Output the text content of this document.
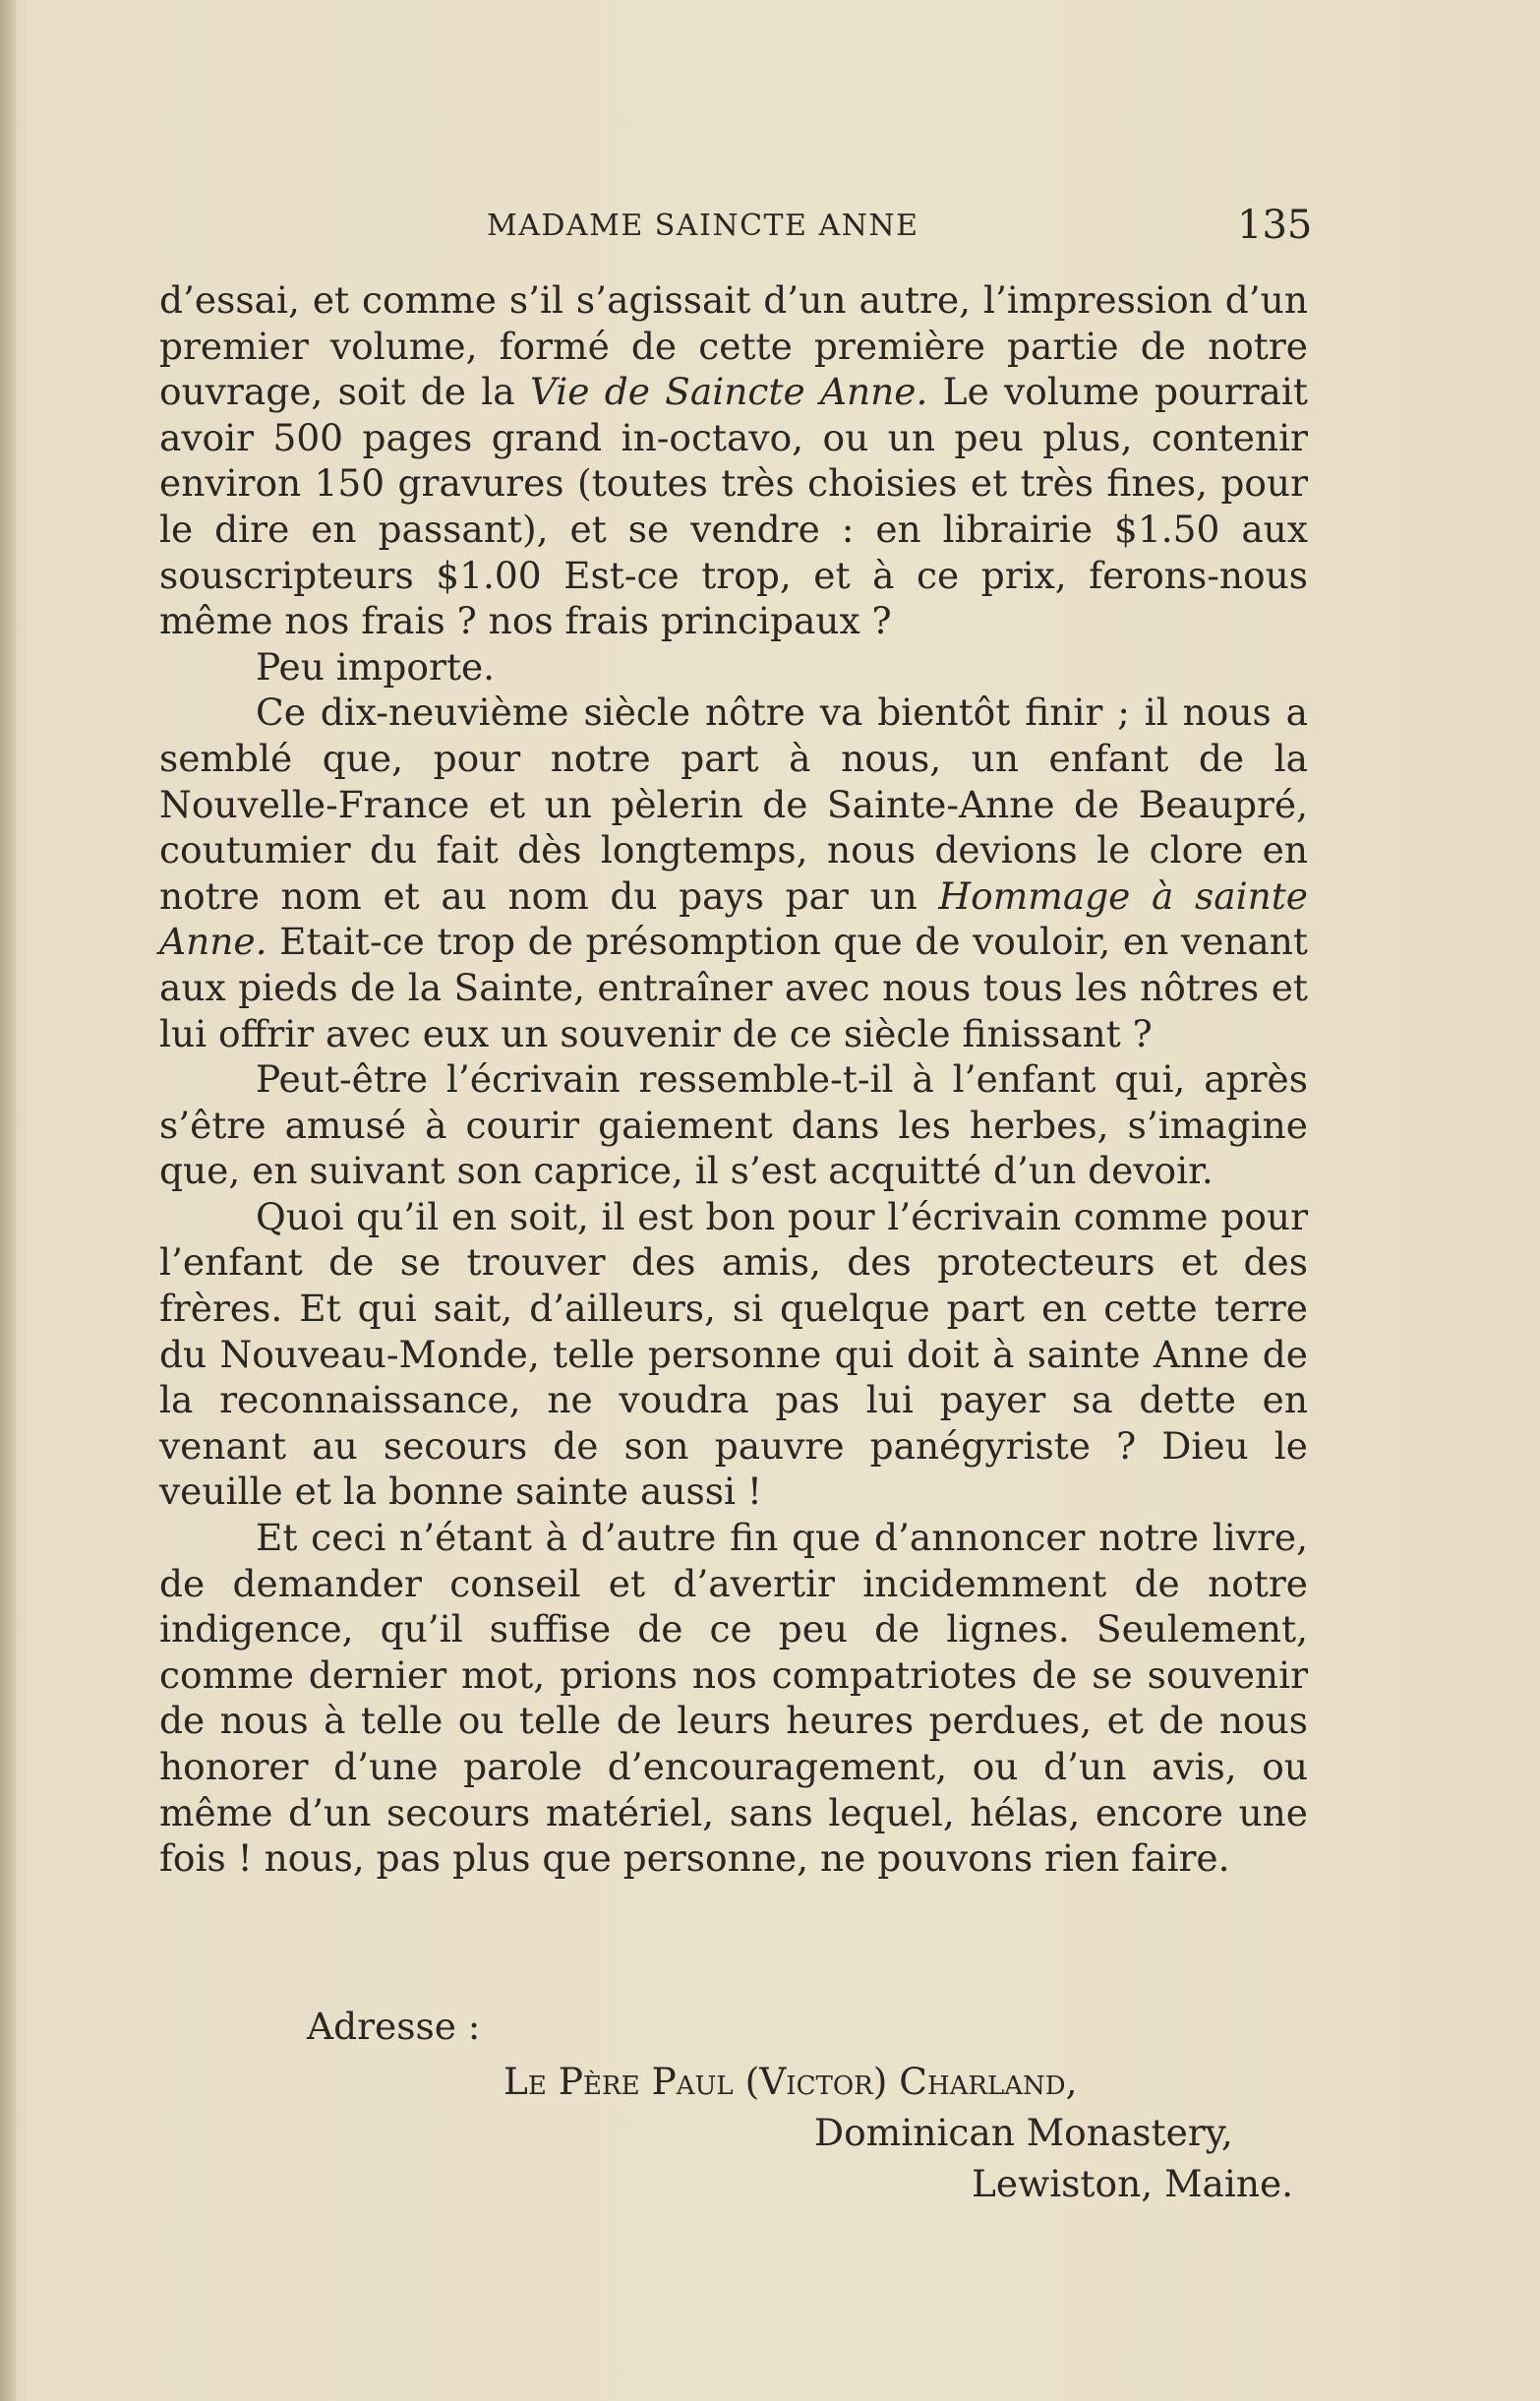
MADAME SAINCTE ANNE	135

d’essai, et comme s’il s’agissait d’un autre, l’impression d’un premier volume, formé de cette première partie de notre ouvrage, soit de la Vie de Saincte Anne. Le volume pourrait avoir 500 pages grand in-octavo, ou un peu plus, contenir environ 150 gravures (toutes très choisies et très fines, pour le dire en passant), et se vendre : en librairie $1.50 aux souscripteurs $1.00 Est-ce trop, et à ce prix, ferons-nous même nos frais ? nos frais principaux ?

Peu importe.

Ce dix-neuvième siècle nôtre va bientôt finir ; il nous a semblé que, pour notre part à nous, un enfant de la Nouvelle-France et un pèlerin de Sainte-Anne de Beaupré, coutumier du fait dès longtemps, nous devions le clore en notre nom et au nom du pays par un Hommage à sainte Anne. Etait-ce trop de présomption que de vouloir, en venant aux pieds de la Sainte, entraîner avec nous tous les nôtres et lui offrir avec eux un souvenir de ce siècle finissant ?

Peut-être l’écrivain ressemble-t-il à l’enfant qui, après s’être amusé à courir gaiement dans les herbes, s’imagine que, en suivant son caprice, il s’est acquitté d’un devoir.

Quoi qu’il en soit, il est bon pour l’écrivain comme pour l’enfant de se trouver des amis, des protecteurs et des frères. Et qui sait, d’ailleurs, si quelque part en cette terre du Nouveau-Monde, telle personne qui doit à sainte Anne de la reconnaissance, ne voudra pas lui payer sa dette en venant au secours de son pauvre panégyriste ? Dieu le veuille et la bonne sainte aussi !

Et ceci n’étant à d’autre fin que d’annoncer notre livre, de demander conseil et d’avertir incidemment de notre indigence, qu’il suffise de ce peu de lignes. Seulement, comme dernier mot, prions nos compatriotes de se souvenir de nous à telle ou telle de leurs heures perdues, et de nous honorer d’une parole d’encouragement, ou d’un avis, ou même d’un secours matériel, sans lequel, hélas, encore une fois ! nous, pas plus que personne, ne pouvons rien faire.

Adresse :
Le Père Paul (Victor) Charland,
Dominican Monastery,
Lewiston, Maine.
